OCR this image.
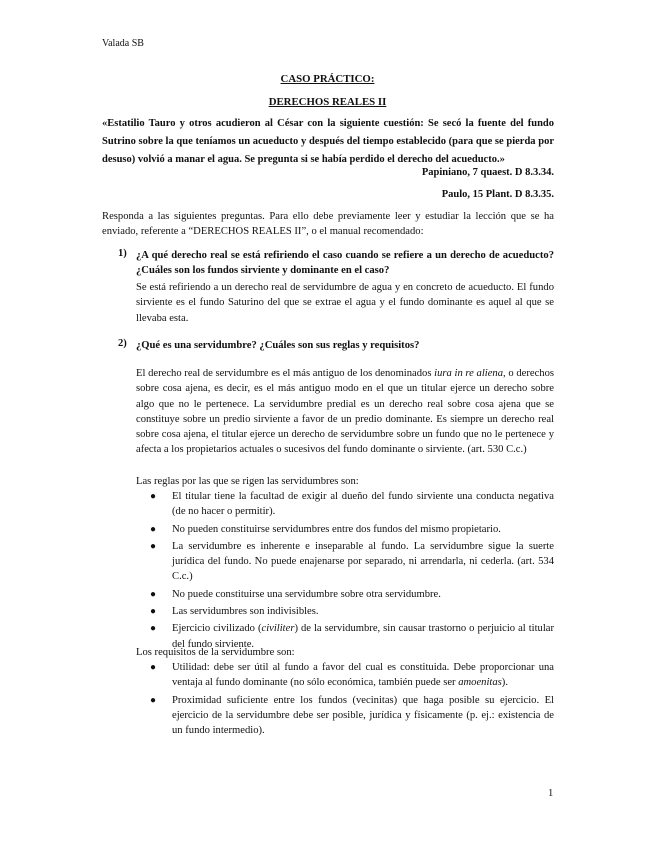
Valada SB
CASO PRÁCTICO:
DERECHOS REALES II
«Estatilio Tauro y otros acudieron al César con la siguiente cuestión: Se secó la fuente del fundo Sutrino sobre la que teníamos un acueducto y después del tiempo establecido (para que se pierda por desuso) volvió a manar el agua. Se pregunta si se había perdido el derecho del acueducto.»
Papiniano, 7 quaest. D 8.3.34.
Paulo, 15 Plant. D 8.3.35.
Responda a las siguientes preguntas. Para ello debe previamente leer y estudiar la lección que se ha enviado, referente a “DERECHOS REALES II”, o el manual recomendado:
1) ¿A qué derecho real se está refiriendo el caso cuando se refiere a un derecho de acueducto? ¿Cuáles son los fundos sirviente y dominante en el caso?
Se está refiriendo a un derecho real de servidumbre de agua y en concreto de acueducto. El fundo sirviente es el fundo Saturino del que se extrae el agua y el fundo dominante es aquel al que se llevaba esta.
2) ¿Qué es una servidumbre? ¿Cuáles son sus reglas y requisitos?
El derecho real de servidumbre es el más antiguo de los denominados iura in re aliena, o derechos sobre cosa ajena, es decir, es el más antiguo modo en el que un titular ejerce un derecho sobre algo que no le pertenece. La servidumbre predial es un derecho real sobre cosa ajena que se constituye sobre un predio sirviente a favor de un predio dominante. Es siempre un derecho real sobre cosa ajena, el titular ejerce un derecho de servidumbre sobre un fundo que no le pertenece y afecta a los propietarios actuales o sucesivos del fundo dominante o sirviente. (art. 530 C.c.)
Las reglas por las que se rigen las servidumbres son:
● El titular tiene la facultad de exigir al dueño del fundo sirviente una conducta negativa (de no hacer o permitir).
● No pueden constituirse servidumbres entre dos fundos del mismo propietario.
● La servidumbre es inherente e inseparable al fundo. La servidumbre sigue la suerte jurídica del fundo. No puede enajenarse por separado, ni arrendarla, ni cederla. (art. 534 C.c.)
● No puede constituirse una servidumbre sobre otra servidumbre.
● Las servidumbres son indivisibles.
● Ejercicio civilizado (civiliter) de la servidumbre, sin causar trastorno o perjuicio al titular del fundo sirviente.
Los requisitos de la servidumbre son:
● Utilidad: debe ser útil al fundo a favor del cual es constituida. Debe proporcionar una ventaja al fundo dominante (no sólo económica, también puede ser amoenitas).
● Proximidad suficiente entre los fundos (vecinitas) que haga posible su ejercicio. El ejercicio de la servidumbre debe ser posible, jurídica y físicamente (p. ej.: existencia de un fundo intermedio).
1
